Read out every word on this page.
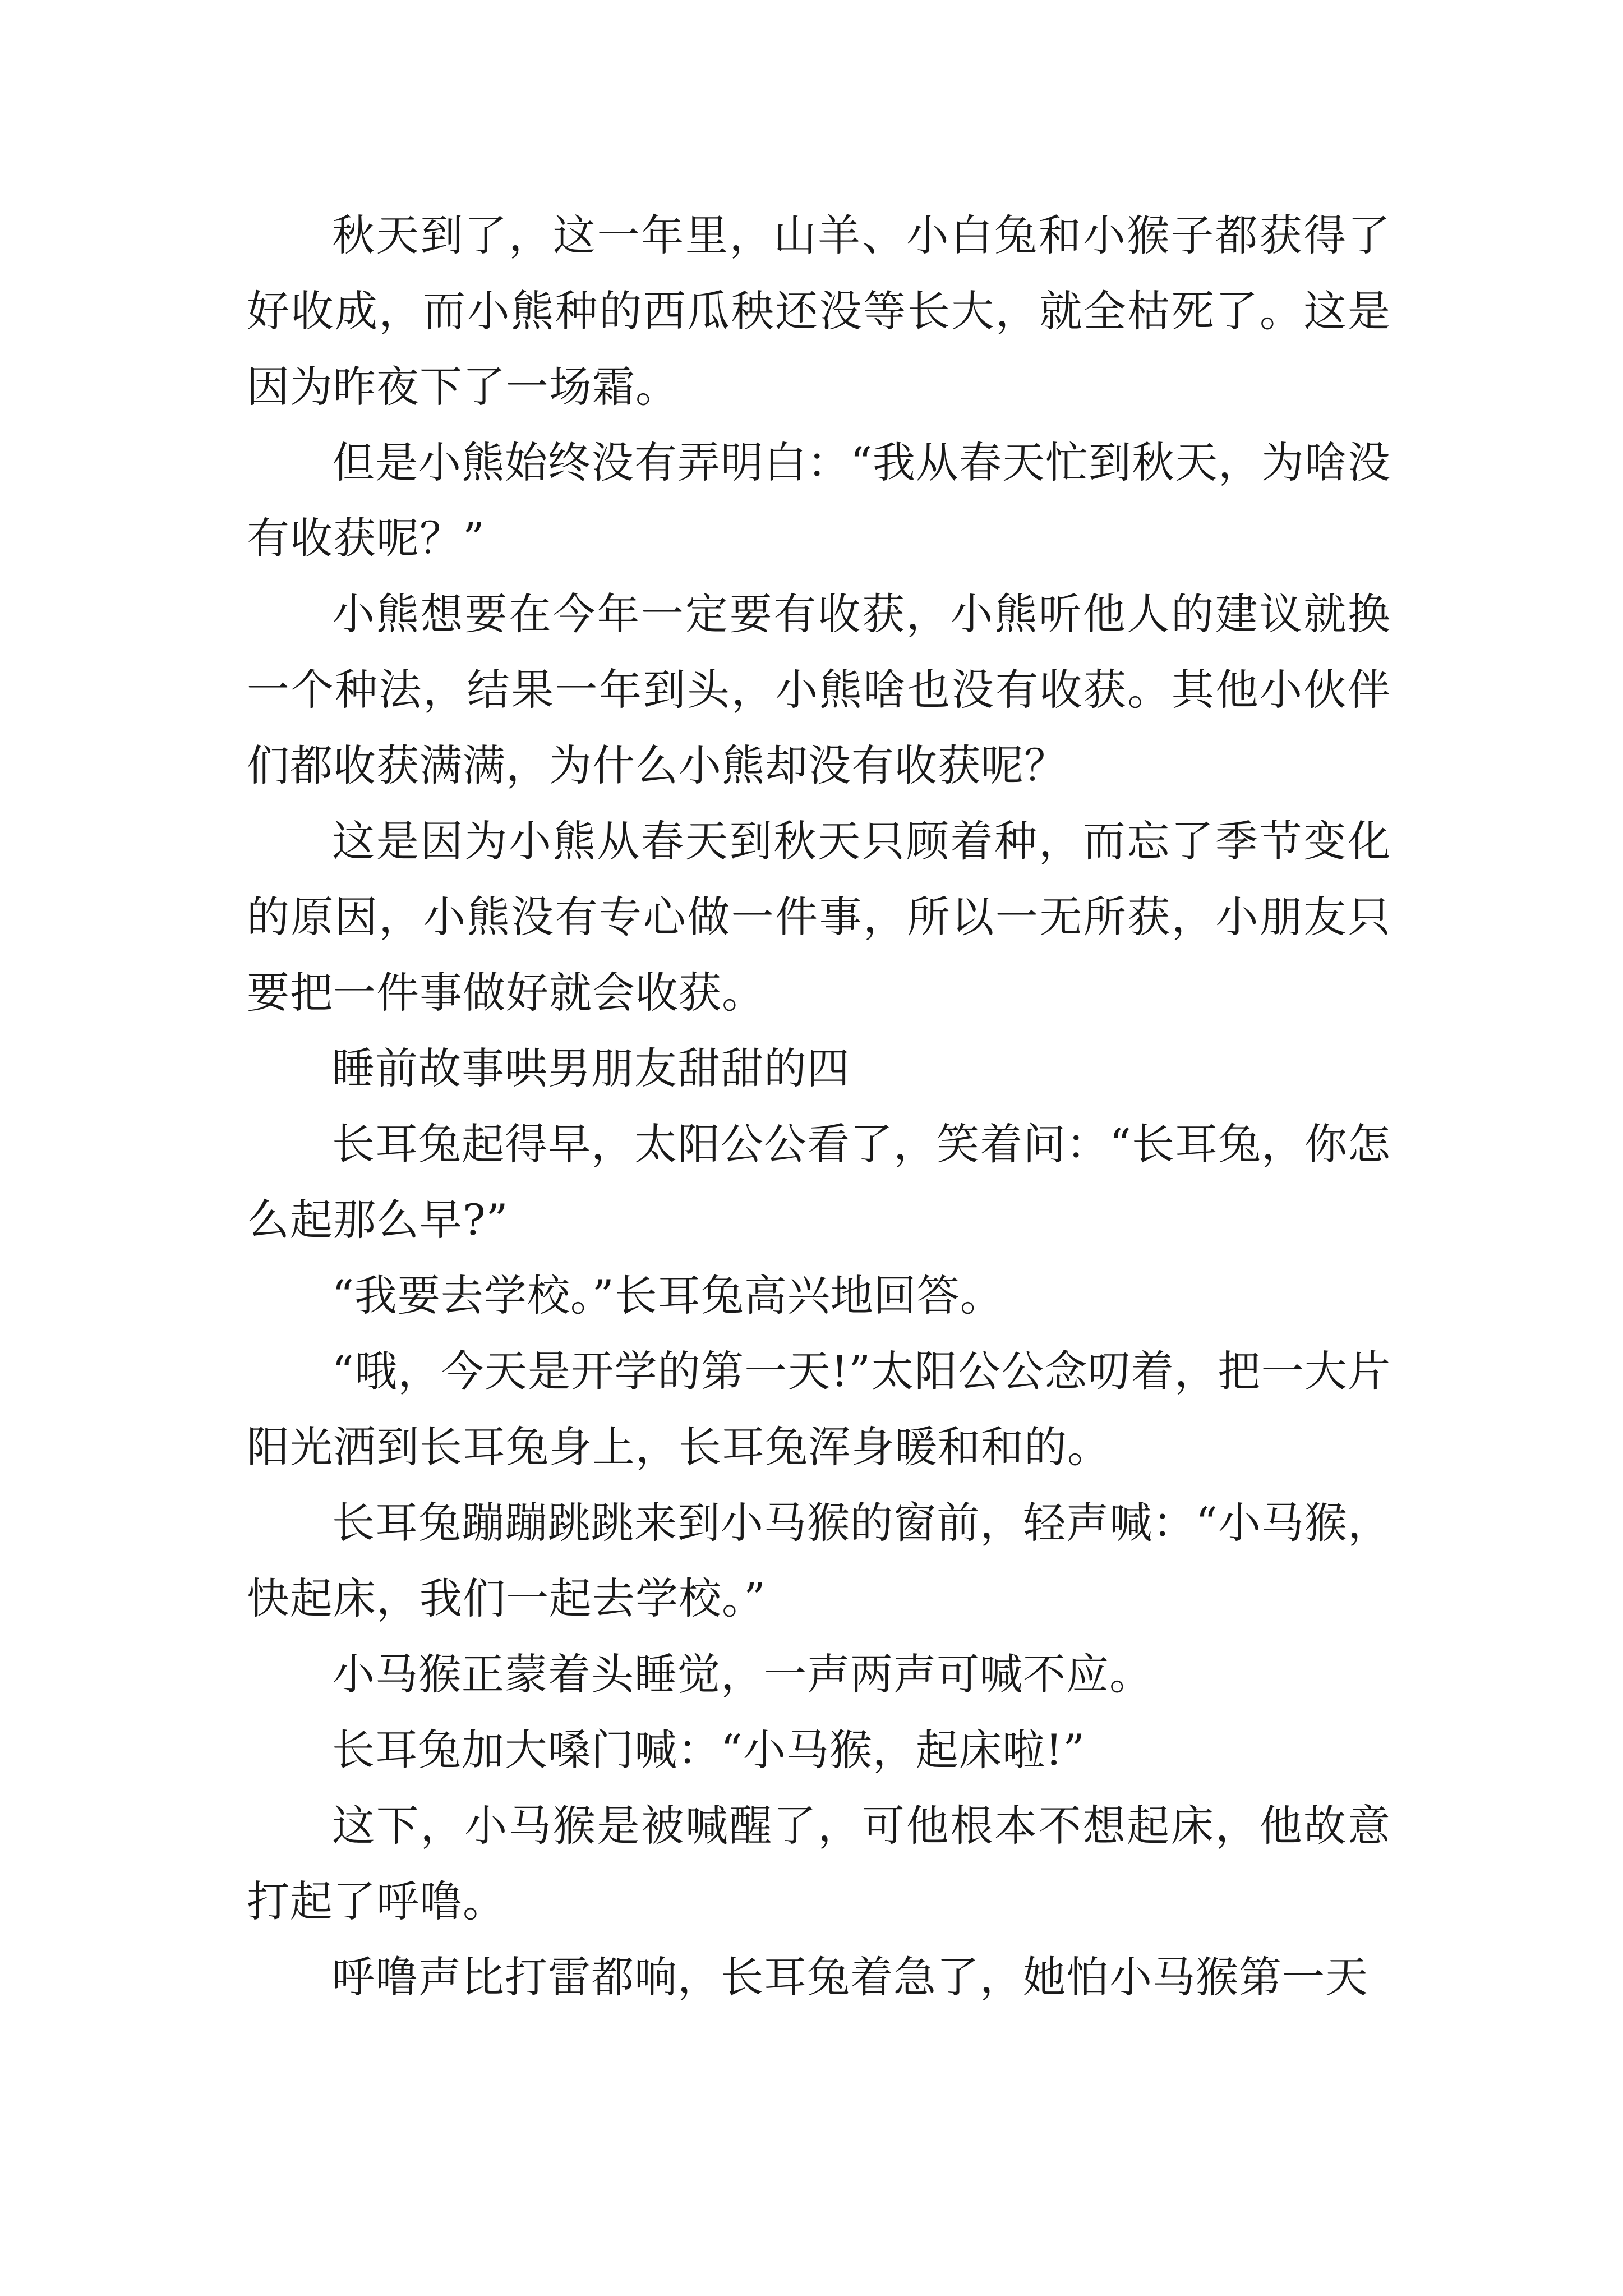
秋天到了，这一年里，山羊、小白兔和小猴子都获得了好收成，而小熊种的西瓜秧还没等长大，就全枯死了。这是因为昨夜下了一场霜。

但是小熊始终没有弄明白：“我从春天忙到秋天，为啥没有收获呢？”

小熊想要在今年一定要有收获，小熊听他人的建议就换一个种法，结果一年到头，小熊啥也没有收获。其他小伙伴们都收获满满，为什么小熊却没有收获呢？

这是因为小熊从春天到秋天只顾着种，而忘了季节变化的原因，小熊没有专心做一件事，所以一无所获，小朋友只要把一件事做好就会收获。

睡前故事哄男朋友甜甜的四

长耳兔起得早，太阳公公看了，笑着问：“长耳兔，你怎么起那么早?”

“我要去学校。”长耳兔高兴地回答。

“哦，今天是开学的第一天!”太阳公公念叨着，把一大片阳光洒到长耳兔身上，长耳兔浑身暖和和的。

长耳兔蹦蹦跳跳来到小马猴的窗前，轻声喊：“小马猴，快起床，我们一起去学校。”

小马猴正蒙着头睡觉，一声两声可喊不应。

长耳兔加大嗓门喊：“小马猴，起床啦!”

这下，小马猴是被喊醒了，可他根本不想起床，他故意打起了呼噜。

呼噜声比打雷都响，长耳兔着急了，她怕小马猴第一天
